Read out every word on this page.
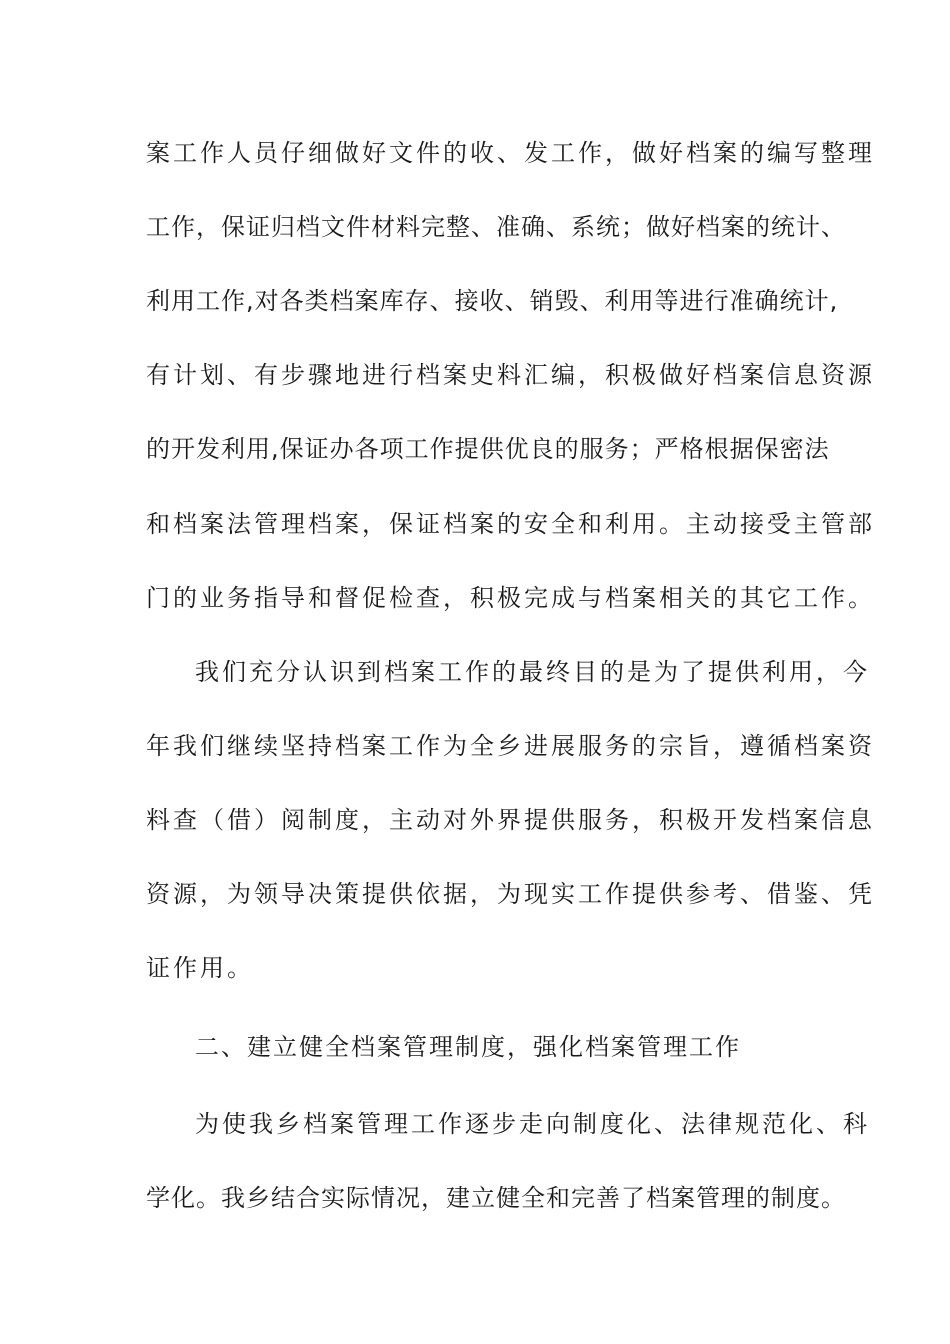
案工作人员仔细做好文件的收、发工作，做好档案的编写整理
工作，保证归档文件材料完整、准确、系统；做好档案的统计、
利用工作,对各类档案库存、接收、销毁、利用等进行准确统计,
有计划、有步骤地进行档案史料汇编，积极做好档案信息资源
的开发利用,保证办各项工作提供优良的服务；严格根据保密法
和档案法管理档案，保证档案的安全和利用。主动接受主管部
门的业务指导和督促检查，积极完成与档案相关的其它工作。
我们充分认识到档案工作的最终目的是为了提供利用，今
年我们继续坚持档案工作为全乡进展服务的宗旨，遵循档案资
料查（借）阅制度，主动对外界提供服务，积极开发档案信息
资源，为领导决策提供依据，为现实工作提供参考、借鉴、凭
证作用。
二、建立健全档案管理制度，强化档案管理工作
为使我乡档案管理工作逐步走向制度化、法律规范化、科
学化。我乡结合实际情况，建立健全和完善了档案管理的制度。
